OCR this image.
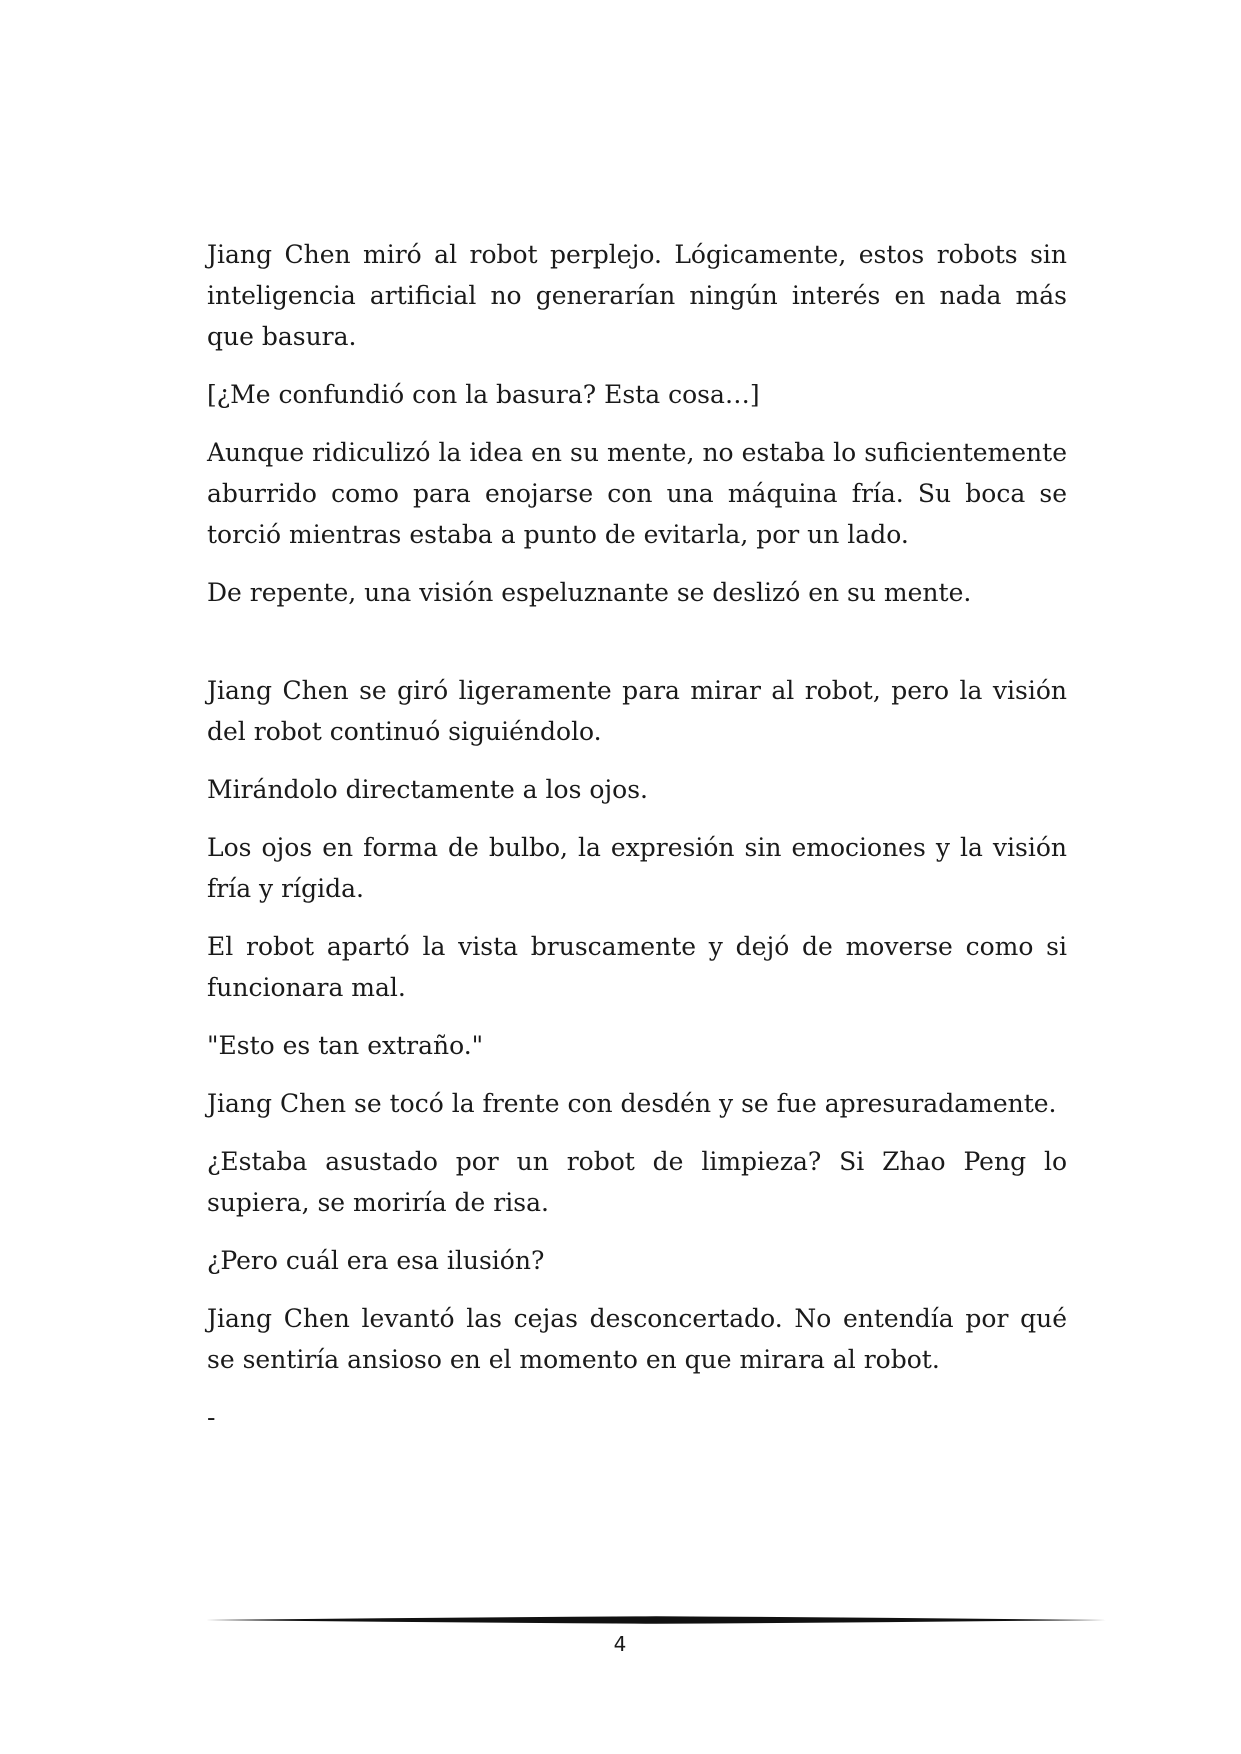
Jiang Chen miró al robot perplejo. Lógicamente, estos robots sin inteligencia artificial no generarían ningún interés en nada más que basura.

[¿Me confundió con la basura? Esta cosa…]

Aunque ridiculizó la idea en su mente, no estaba lo suficientemente aburrido como para enojarse con una máquina fría. Su boca se torció mientras estaba a punto de evitarla, por un lado.

De repente, una visión espeluznante se deslizó en su mente.

Jiang Chen se giró ligeramente para mirar al robot, pero la visión del robot continuó siguiéndolo.

Mirándolo directamente a los ojos.

Los ojos en forma de bulbo, la expresión sin emociones y la visión fría y rígida.

El robot apartó la vista bruscamente y dejó de moverse como si funcionara mal.

"Esto es tan extraño."

Jiang Chen se tocó la frente con desdén y se fue apresuradamente.

¿Estaba asustado por un robot de limpieza? Si Zhao Peng lo supiera, se moriría de risa.

¿Pero cuál era esa ilusión?

Jiang Chen levantó las cejas desconcertado. No entendía por qué se sentiría ansioso en el momento en que mirara al robot.

-

4
